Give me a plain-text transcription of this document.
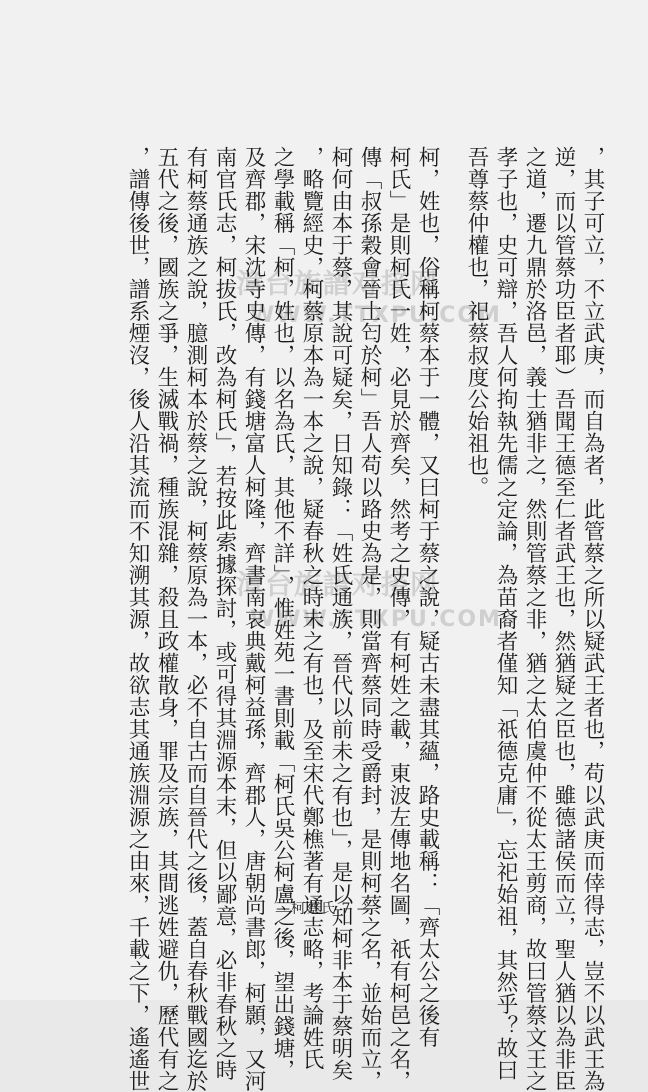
漳台族譜对接网
WWW.TTXPU.COM
漳台族譜对接网
WWW.TTXPU.COM	，其子可立，不立武庚，而自為者，此管蔡之所以疑武王者也，苟以武庚而倖得志，豈不以武王為
逆，而以管蔡功臣者耶）吾聞王德至仁者武王也，然猶疑之臣也，雖德諸侯而立，聖人猶以為非臣
之道，遷九鼎於洛邑，義士猶非之，然則管蔡之非，猶之太伯虞仲不從太王剪商，故曰管蔡文王之
孝子也，史可辯，吾人何拘執先儒之定論，為苗裔者僅知「祇德克庸」，忘祀始祖，其然乎？故曰
吾尊蔡仲權也，祀蔡叔度公始祖也。
柯，姓也，俗稱柯蔡本于一體，又曰柯于蔡之說，疑古未盡其蘊，路史載稱：「齊太公之後有
柯氏」是則柯氏一姓，必見於齊矣，然考之史傳，有柯姓之載，東波左傳地名圖，祇有柯邑之名，
傳「叔孫穀會晉士匄於柯」吾人苟以路史為是，則當齊蔡同時受爵封，是則柯蔡之名，並始而立，
柯何由本于蔡，其說可疑矣，日知錄：「姓氏通族，晉代以前未之有也」，是以知柯非本于蔡明矣
，略覽經史，柯蔡原本為一本之說，疑春秋之時未之有也，及至宋代鄭樵著有通志略，考論姓氏
之學載稱「柯，姓也，以名為氏，其他不詳」，惟姓苑一書則載「柯氏吳公柯盧之後，望出錢塘，
及齊郡，宋沈寺史傳，有錢塘富人柯隆，齊書南哀典戴柯益孫，齊郡人，唐朝尚書郎，柯顥，又河
南官氏志，柯拔氏，改為柯氏」，若按此索據探討，或可得其淵源本末，但以鄙意，必非春秋之時
有柯蔡通族之說，臆測柯本於蔡之說，柯蔡原為一本，必不自古而自晉代之後，蓋自春秋戰國迄於
五代之後，國族之爭，生滅戰禍，種族混雜，殺且政權散身，罪及宗族，其間逃姓避仇，歷代有之
，譜傳後世，譜系煙沒，後人沿其流而不知溯其源，故欲志其通族淵源之由來，千載之下，遙遙世	—柯蔡氏 7 —
